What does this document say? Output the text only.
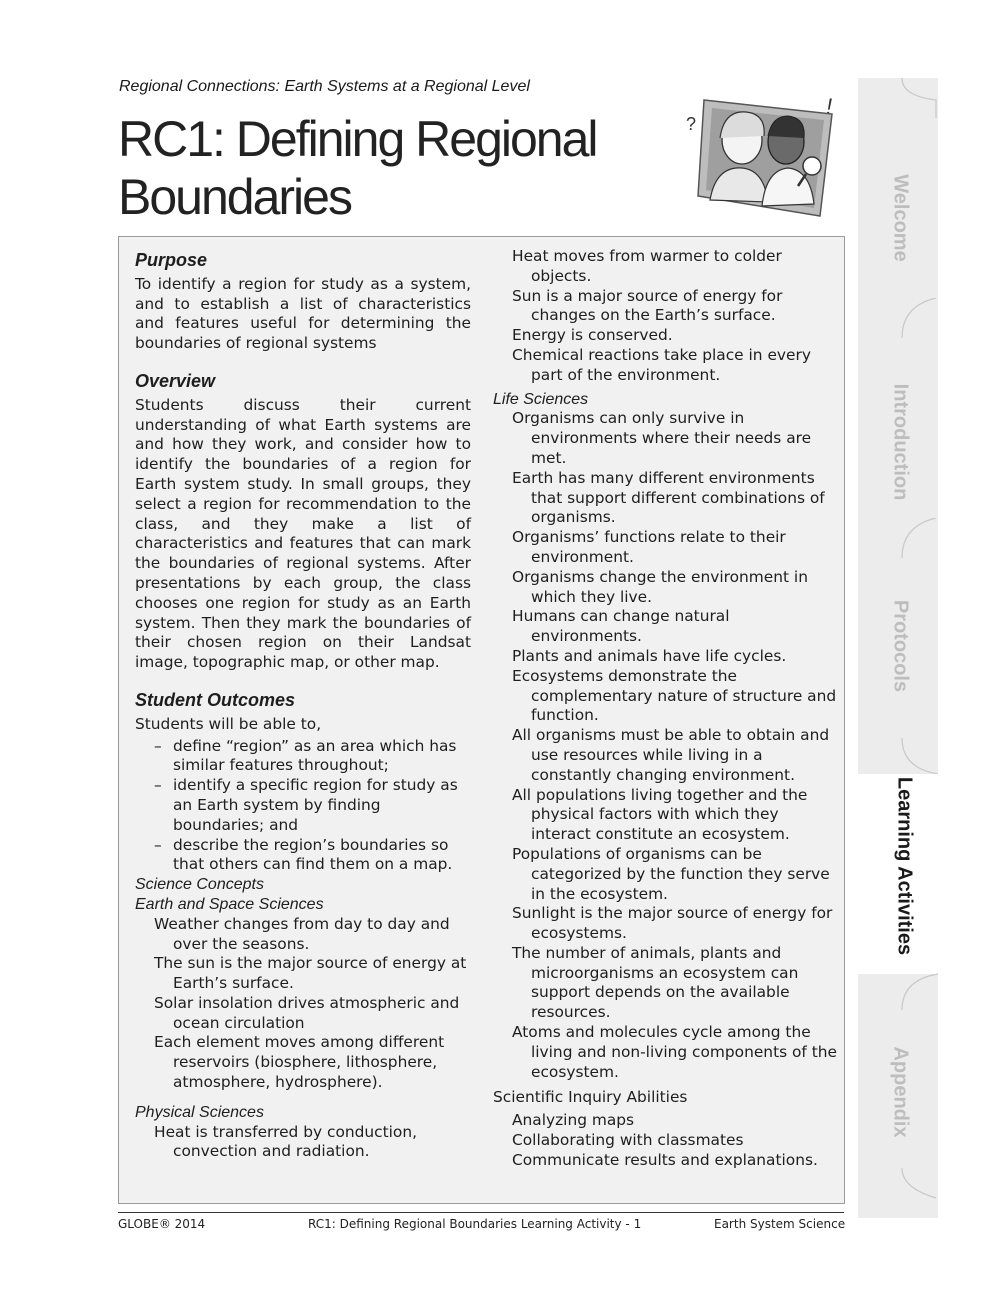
Regional Connections: Earth Systems at a Regional Level
RC1: Defining Regional
Boundaries
?
!
Purpose

To identify a region for study as a system, and to establish a list of characteristics and features useful for determining the boundaries of regional systems

Overview

Students discuss their current understanding of what Earth systems are and how they work, and consider how to identify the boundaries of a region for Earth system study. In small groups, they select a region for recommendation to the class, and they make a list of characteristics and features that can mark the boundaries of regional systems. After presentations by each group, the class chooses one region for study as an Earth system. Then they mark the boundaries of their chosen region on their Landsat image, topographic map, or other map.

Student Outcomes

Students will be able to,

– define “region” as an area which has similar features throughout;

– identify a specific region for study as an Earth system by finding boundaries; and

– describe the region’s boundaries so that others can find them on a map.

Science Concepts

Earth and Space Sciences

Weather changes from day to day and over the seasons.

The sun is the major source of energy at Earth’s surface.

Solar insolation drives atmospheric and ocean circulation

Each element moves among different reservoirs (biosphere, lithosphere, atmosphere, hydrosphere).

Physical Sciences

Heat is transferred by conduction, convection and radiation.

Heat moves from warmer to colder objects.

Sun is a major source of energy for changes on the Earth’s surface.

Energy is conserved.

Chemical reactions take place in every part of the environment.

Life Sciences

Organisms can only survive in environments where their needs are met.

Earth has many different environments that support different combinations of organisms.

Organisms’ functions relate to their environment.

Organisms change the environment in which they live.

Humans can change natural environments.

Plants and animals have life cycles.

Ecosystems demonstrate the complementary nature of structure and function.

All organisms must be able to obtain and use resources while living in a constantly changing environment.

All populations living together and the physical factors with which they interact constitute an ecosystem.

Populations of organisms can be categorized by the function they serve in the ecosystem.

Sunlight is the major source of energy for ecosystems.

The number of animals, plants and microorganisms an ecosystem can support depends on the available resources.

Atoms and molecules cycle among the living and non-living components of the ecosystem.

Scientific Inquiry Abilities

Analyzing maps

Collaborating with classmates

Communicate results and explanations.

GLOBE® 2014	RC1: Defining Regional Boundaries Learning Activity - 1	Earth System Science
Welcome
Introduction
Protocols
Learning Activities
Appendix
